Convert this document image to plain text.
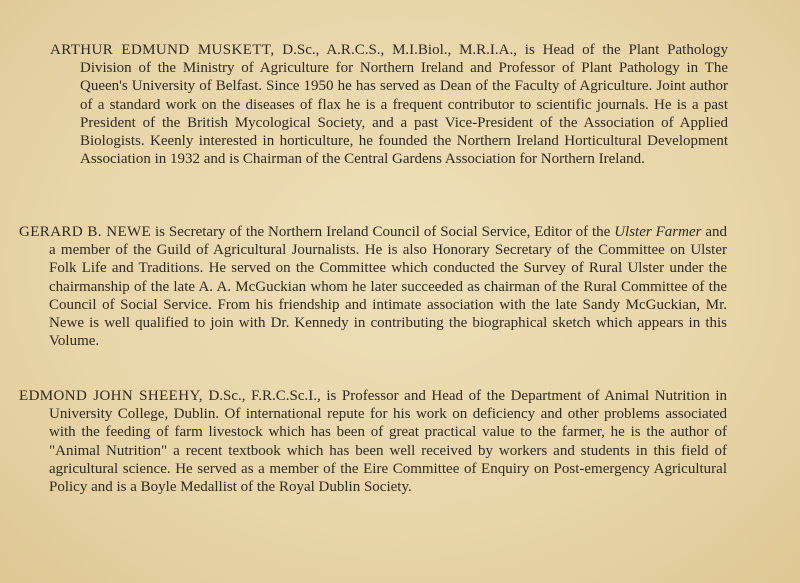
ARTHUR EDMUND MUSKETT, D.Sc., A.R.C.S., M.I.Biol., M.R.I.A., is Head of the Plant Pathology Division of the Ministry of Agriculture for Northern Ireland and Professor of Plant Pathology in The Queen's University of Belfast. Since 1950 he has served as Dean of the Faculty of Agriculture. Joint author of a standard work on the diseases of flax he is a frequent contributor to scientific journals. He is a past President of the British Mycological Society, and a past Vice-President of the Association of Applied Biologists. Keenly interested in horticulture, he founded the Northern Ireland Horticultural Development Association in 1932 and is Chairman of the Central Gardens Association for Northern Ireland.

GERARD B. NEWE is Secretary of the Northern Ireland Council of Social Service, Editor of the Ulster Farmer and a member of the Guild of Agricultural Journalists. He is also Honorary Secretary of the Committee on Ulster Folk Life and Traditions. He served on the Committee which conducted the Survey of Rural Ulster under the chairmanship of the late A. A. McGuckian whom he later succeeded as chairman of the Rural Committee of the Council of Social Service. From his friendship and intimate association with the late Sandy McGuckian, Mr. Newe is well qualified to join with Dr. Kennedy in contributing the biographical sketch which appears in this Volume.

EDMOND JOHN SHEEHY, D.Sc., F.R.C.Sc.I., is Professor and Head of the Department of Animal Nutrition in University College, Dublin. Of international repute for his work on deficiency and other problems associated with the feeding of farm livestock which has been of great practical value to the farmer, he is the author of "Animal Nutrition" a recent textbook which has been well received by workers and students in this field of agricultural science. He served as a member of the Eire Committee of Enquiry on Post-emergency Agricultural Policy and is a Boyle Medallist of the Royal Dublin Society.
